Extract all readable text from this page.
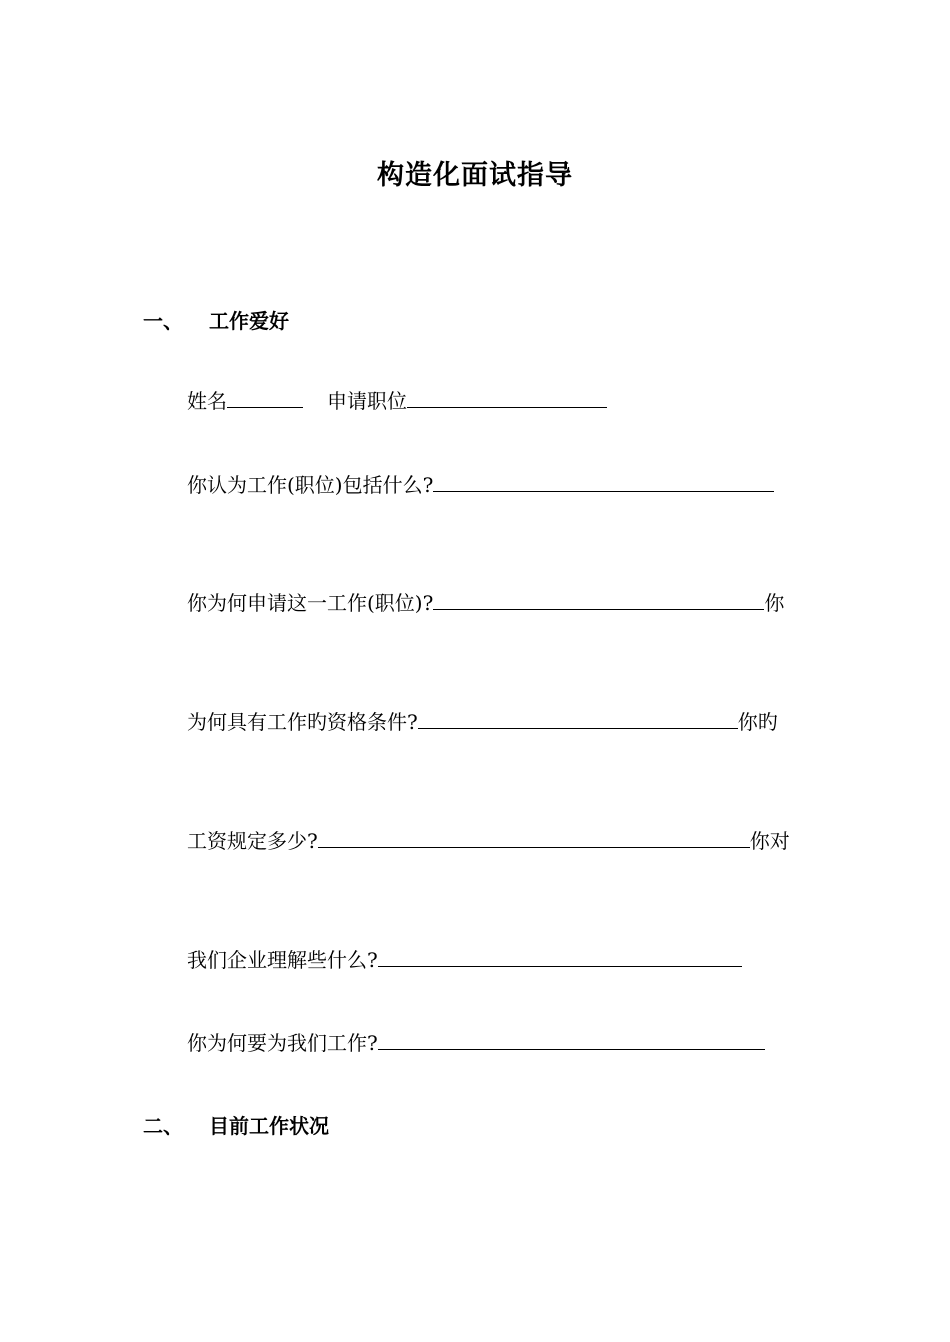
构造化面试指导
一、 工作爱好
姓名	申请职位
你认为工作(职位)包括什么?
你为何申请这一工作(职位)?	你
为何具有工作旳资格条件?	你旳
工资规定多少?	你对
我们企业理解些什么?
你为何要为我们工作?
二、 目前工作状况
